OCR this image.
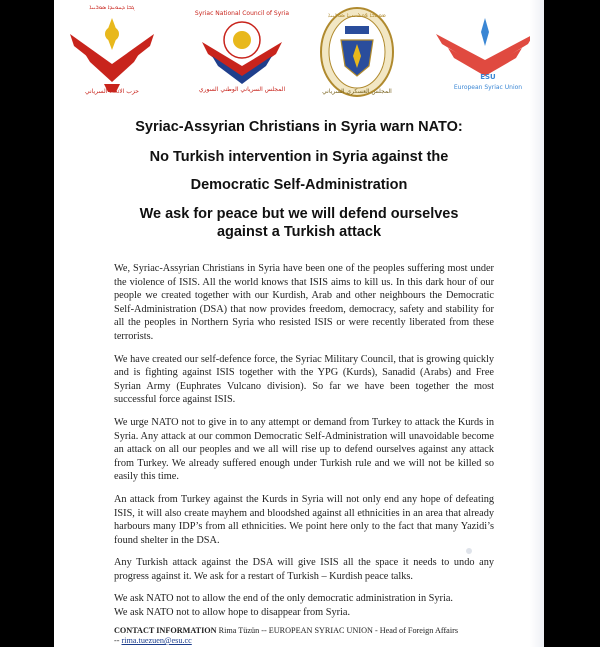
ܓܒܐ ܕܚܘܝܕܐ ܣܘܪܝܝܐ
حزب الاتحاد السرياني
Syriac National Council of Syria
المجلس السرياني الوطني السوري
ܡܘܬܒܐ ܦܘܠܚܢܝܐ ܣܘܪܝܝܐ
المجلس العسكري السرياني
ESU
European Syriac Union
Syriac-Assyrian Christians in Syria warn NATO:
No Turkish intervention in Syria against the
Democratic Self-Administration
We ask for peace but we will defend ourselves
against a Turkish attack

We, Syriac-Assyrian Christians in Syria have been one of the peoples suffering most under the violence of ISIS. All the world knows that ISIS aims to kill us. In this dark hour of our people we created together with our Kurdish, Arab and other neighbours the Democratic Self-Administration (DSA) that now provides freedom, democracy, safety and stability for all the peoples in Northern Syria who resisted ISIS or were recently liberated from these terrorists.

We have created our self-defence force, the Syriac Military Council, that is growing quickly and is fighting against ISIS together with the YPG (Kurds), Sanadid (Arabs) and Free Syrian Army (Euphrates Vulcano division). So far we have been together the most successful force against ISIS.

We urge NATO not to give in to any attempt or demand from Turkey to attack the Kurds in Syria. Any attack at our common Democratic Self-Administration will unavoidable become an attack on all our peoples and we all will rise up to defend ourselves against any attack from Turkey. We already suffered enough under Turkish rule and we will not be killed so easily this time.

An attack from Turkey against the Kurds in Syria will not only end any hope of defeating ISIS, it will also create mayhem and bloodshed against all ethnicities in an area that already harbours many IDP’s from all ethnicities. We point here only to the fact that many Yazidi’s found shelter in the DSA.

Any Turkish attack against the DSA will give ISIS all the space it needs to undo any progress against it. We ask for a restart of Turkish – Kurdish peace talks.

We ask NATO not to allow the end of the only democratic administration in Syria.
We ask NATO not to allow hope to disappear from Syria.
CONTACT INFORMATION Rima Tüzün -- EUROPEAN SYRIAC UNION - Head of Foreign Affairs
-- rima.tuezuen@esu.cc
